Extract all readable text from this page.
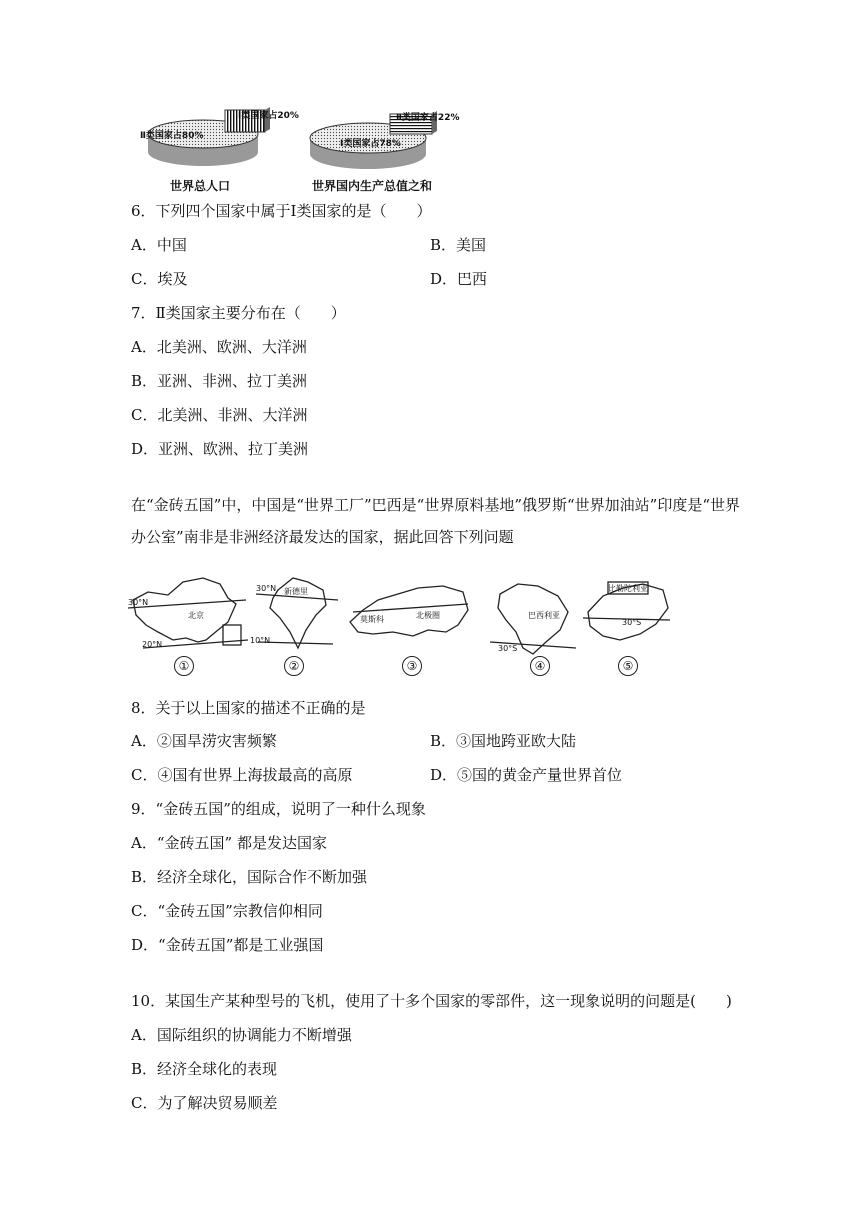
Ⅱ类国家占80%
Ⅰ类国家占20%
Ⅰ类国家占78%
Ⅱ类国家占22%
世界总人口	世界国内生产总值之和
6．下列四个国家中属于Ⅰ类国家的是（　　）
A．中国	B．美国
C．埃及	D．巴西
7．Ⅱ类国家主要分布在（　　）
A．北美洲、欧洲、大洋洲
B．亚洲、非洲、拉丁美洲
C．北美洲、非洲、大洋洲
D．亚洲、欧洲、拉丁美洲
在“金砖五国”中，中国是“世界工厂”巴西是“世界原料基地”俄罗斯“世界加油站”印度是“世界
办公室”南非是非洲经济最发达的国家，据此回答下列问题
北京
30°N
20°N
新德里
30°N
10°N
莫斯科	北极圈	巴西利亚
30°S
比勒陀利亚
30°S
①	②	③	④	⑤
8．关于以上国家的描述不正确的是
A．②国旱涝灾害频繁	B．③国地跨亚欧大陆
C．④国有世界上海拔最高的高原	D．⑤国的黄金产量世界首位
9．“金砖五国”的组成，说明了一种什么现象
A．“金砖五国” 都是发达国家
B．经济全球化，国际合作不断加强
C．“金砖五国”宗教信仰相同
D．“金砖五国”都是工业强国
10．某国生产某种型号的飞机，使用了十多个国家的零部件，这一现象说明的问题是(　　)
A．国际组织的协调能力不断增强
B．经济全球化的表现
C．为了解决贸易顺差
